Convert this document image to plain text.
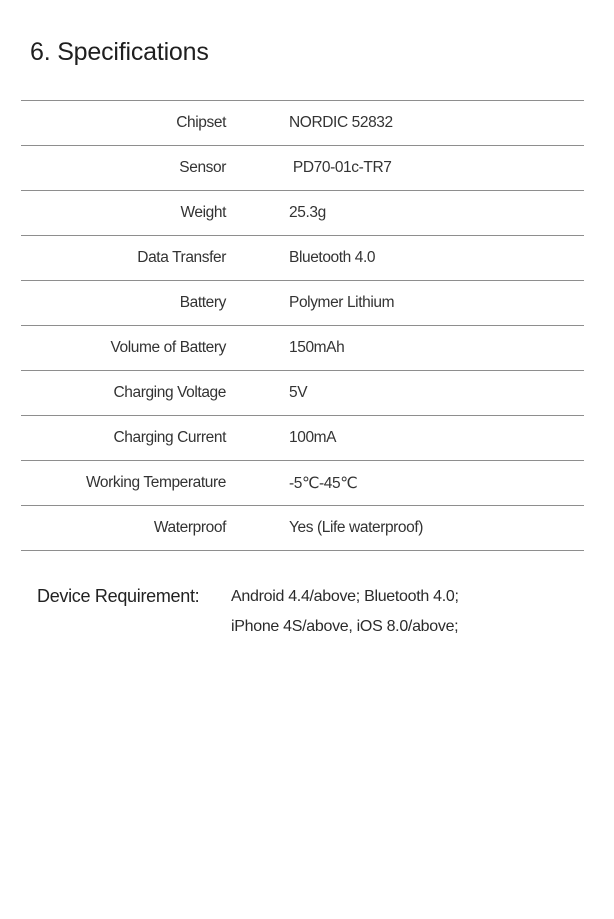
6. Specifications
Chipset	NORDIC 52832
Sensor	PD70-01c-TR7
Weight	25.3g
Data Transfer	Bluetooth 4.0
Battery	Polymer Lithium
Volume of Battery	150mAh
Charging Voltage	5V
Charging Current	100mA
Working Temperature	-5℃-45℃
Waterproof	Yes (Life waterproof)
Device Requirement: Android 4.4/above; Bluetooth 4.0;
iPhone 4S/above, iOS 8.0/above;
